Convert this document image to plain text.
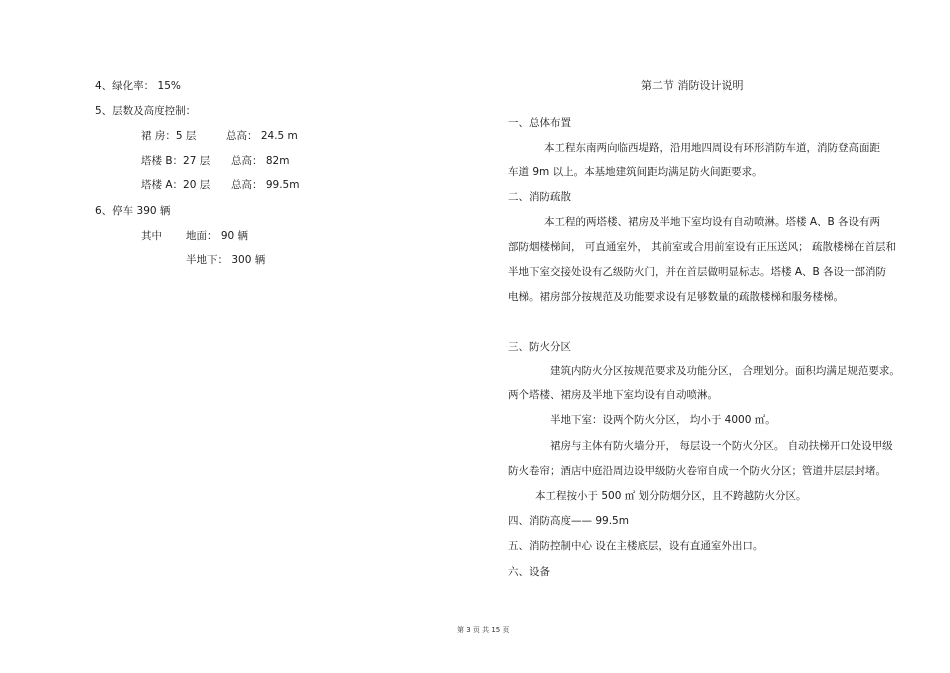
4、绿化率： 15%
5、层数及高度控制：
裙 房：5 层	总高： 24.5 m
塔楼 B：27 层 总高： 82m
塔楼 A：20 层 总高： 99.5m
6、停车 390 辆
其中 地面： 90 辆
半地下： 300 辆
第二节 消防设计说明
一、总体布置
本工程东南两向临西堤路，沿用地四周设有环形消防车道，消防登高面距
车道 9m 以上。本基地建筑间距均满足防火间距要求。
二、消防疏散
本工程的两塔楼、裙房及半地下室均设有自动喷淋。塔楼 A、B 各设有两
部防烟楼梯间， 可直通室外， 其前室或合用前室设有正压送风； 疏散楼梯在首层和
半地下室交接处设有乙级防火门，并在首层做明显标志。塔楼 A、B 各设一部消防
电梯。裙房部分按规范及功能要求设有足够数量的疏散楼梯和服务楼梯。
三、防火分区
建筑内防火分区按规范要求及功能分区， 合理划分。面积均满足规范要求。
两个塔楼、裙房及半地下室均设有自动喷淋。
半地下室：设两个防火分区， 均小于 4000 ㎡。
裙房与主体有防火墙分开， 每层设一个防火分区。 自动扶梯开口处设甲级
防火卷帘；酒店中庭沿周边设甲级防火卷帘自成一个防火分区；管道井层层封堵。
本工程按小于 500 ㎡ 划分防烟分区，且不跨越防火分区。
四、消防高度—— 99.5m
五、消防控制中心 设在主楼底层，设有直通室外出口。
六、设备
第 3 页 共 15 页
